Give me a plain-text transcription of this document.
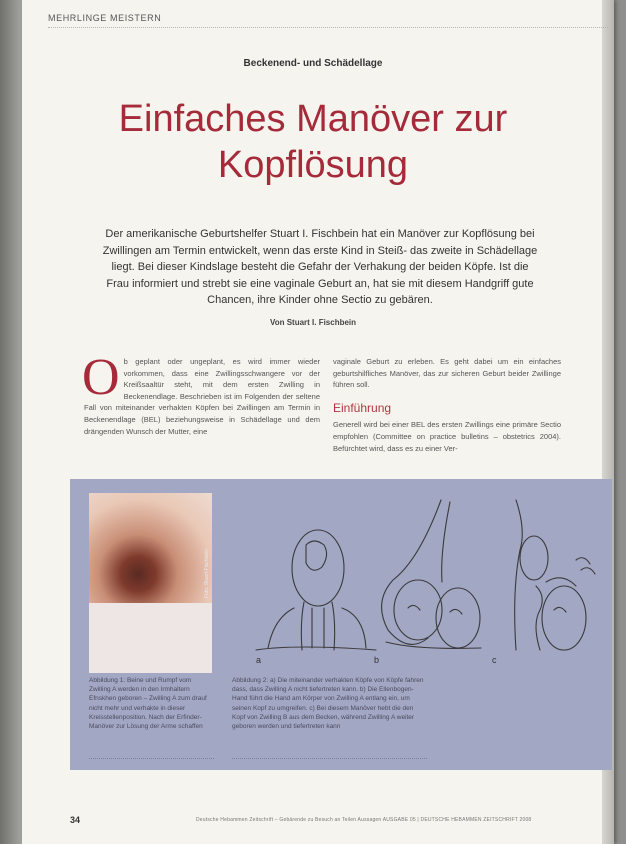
MEHRLINGE MEISTERN
Beckenend- und Schädellage
Einfaches Manöver zur
Kopflösung
Der amerikanische Geburtshelfer Stuart I. Fischbein hat ein Manöver zur Kopflösung bei Zwillingen am Termin entwickelt, wenn das erste Kind in Steiß- das zweite in Schädellage liegt. Bei dieser Kindslage besteht die Gefahr der Verhakung der beiden Köpfe. Ist die Frau informiert und strebt sie eine vaginale Geburt an, hat sie mit diesem Handgriff gute Chancen, ihre Kinder ohne Sectio zu gebären.
Von Stuart I. Fischbein
O b geplant oder ungeplant, es wird immer wieder vorkommen, dass eine Zwillingsschwangere vor der Kreißsaaltür steht, mit dem ersten Zwilling in Beckenendlage. Beschrieben ist im Folgenden der seltene Fall von miteinander verhakten Köpfen bei Zwillingen am Termin in Beckenendlage (BEL) beziehungsweise in Schädellage und dem drängenden Wunsch der Mutter, eine
vaginale Geburt zu erleben. Es geht dabei um ein einfaches geburtshilfliches Manöver, das zur sicheren Geburt beider Zwillinge führen soll.
Einführung
Generell wird bei einer BEL des ersten Zwillings eine primäre Sectio empfohlen (Committee on practice bulletins – obstetrics 2004). Befürchtet wird, dass es zu einer Ver-
Foto: Stuart Fischbein
a	b	c
Abbildung 1: Beine und Rumpf vom Zwilling A werden in den Irmhaltern Efnskhen geboren – Zwilling A zum drauf nicht mehr und verhakte in dieser Kreisstellenposition. Nach der Erfinder-Manöver zur Lösung der Arme schaffen
Abbildung 2: a) Die miteinander verhakten Köpfe von Köpfe fahren dass, dass Zwilling A nicht tiefertreten kann. b) Die Ellenbogen-Hand führt die Hand am Körper von Zwilling A entlang ein, um seinen Kopf zu umgreifen. c) Bei diesem Manöver hebt die den Kopf von Zwilling B aus dem Becken, während Zwilling A weiter geboren werden und tiefertreten kann
34	Deutsche Hebammen Zeitschrift – Gebärende zu Besuch an Teilen Aussagen AUSGABE 05 | DEUTSCHE HEBAMMEN ZEITSCHRIFT 2008
